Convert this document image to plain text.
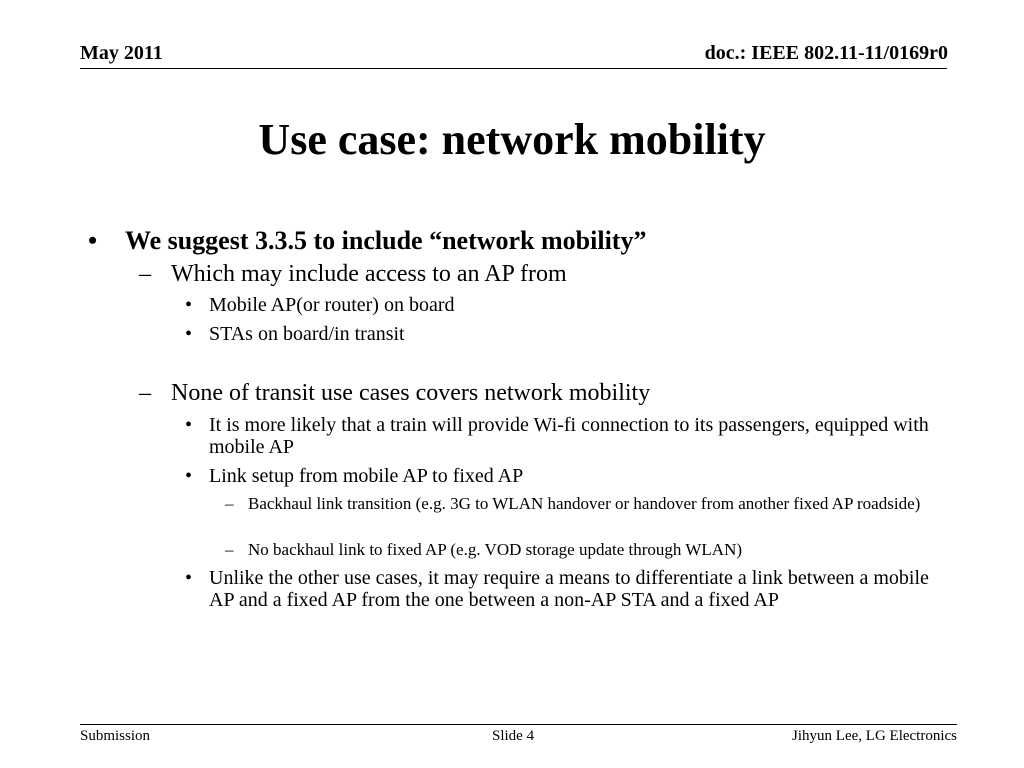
May 2011	doc.: IEEE 802.11-11/0169r0
Use case: network mobility
• We suggest 3.3.5 to include “network mobility”
– Which may include access to an AP from
• Mobile AP(or router) on board
• STAs on board/in transit
– None of transit use cases covers network mobility
• It is more likely that a train will provide Wi-fi connection to its passengers, equipped with mobile AP
• Link setup from mobile AP to fixed AP
– Backhaul link transition (e.g. 3G to WLAN handover or handover from another fixed AP roadside)
– No backhaul link to fixed AP (e.g. VOD storage update through WLAN)
• Unlike the other use cases, it may require a means to differentiate a link between a mobile AP and a fixed AP from the one between a non-AP STA and a fixed AP
Submission	Slide 4	Jihyun Lee, LG Electronics
